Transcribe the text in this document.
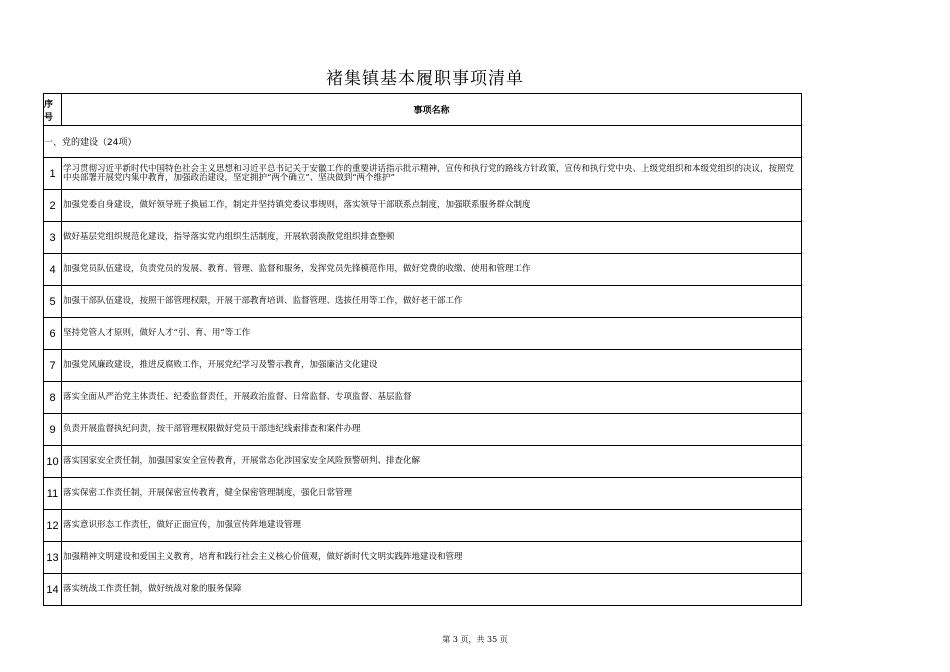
褚集镇基本履职事项清单
序号	事项名称
一、党的建设（24项）	
1	学习贯彻习近平新时代中国特色社会主义思想和习近平总书记关于安徽工作的重要讲话指示批示精神，宣传和执行党的路线方针政策，宣传和执行党中央、上级党组织和本级党组织的决议，按照党中央部署开展党内集中教育，加强政治建设，坚定拥护“两个确立”、坚决做到“两个维护”
2	加强党委自身建设，做好领导班子换届工作，制定并坚持镇党委议事规则，落实领导干部联系点制度，加强联系服务群众制度
3	做好基层党组织规范化建设，指导落实党内组织生活制度，开展软弱涣散党组织排查整顿
4	加强党员队伍建设，负责党员的发展、教育、管理、监督和服务，发挥党员先锋模范作用，做好党费的收缴、使用和管理工作
5	加强干部队伍建设，按照干部管理权限，开展干部教育培训、监督管理、选拔任用等工作，做好老干部工作
6	坚持党管人才原则，做好人才“引、育、用”等工作
7	加强党风廉政建设，推进反腐败工作，开展党纪学习及警示教育，加强廉洁文化建设
8	落实全面从严治党主体责任、纪委监督责任，开展政治监督、日常监督、专项监督、基层监督
9	负责开展监督执纪问责，按干部管理权限做好党员干部违纪线索排查和案件办理
10	落实国家安全责任制，加强国家安全宣传教育，开展常态化涉国家安全风险预警研判、排查化解
11	落实保密工作责任制，开展保密宣传教育，健全保密管理制度，强化日常管理
12	落实意识形态工作责任，做好正面宣传，加强宣传阵地建设管理
13	加强精神文明建设和爱国主义教育，培育和践行社会主义核心价值观，做好新时代文明实践阵地建设和管理
14	落实统战工作责任制，做好统战对象的服务保障
第 3 页，共 35 页
